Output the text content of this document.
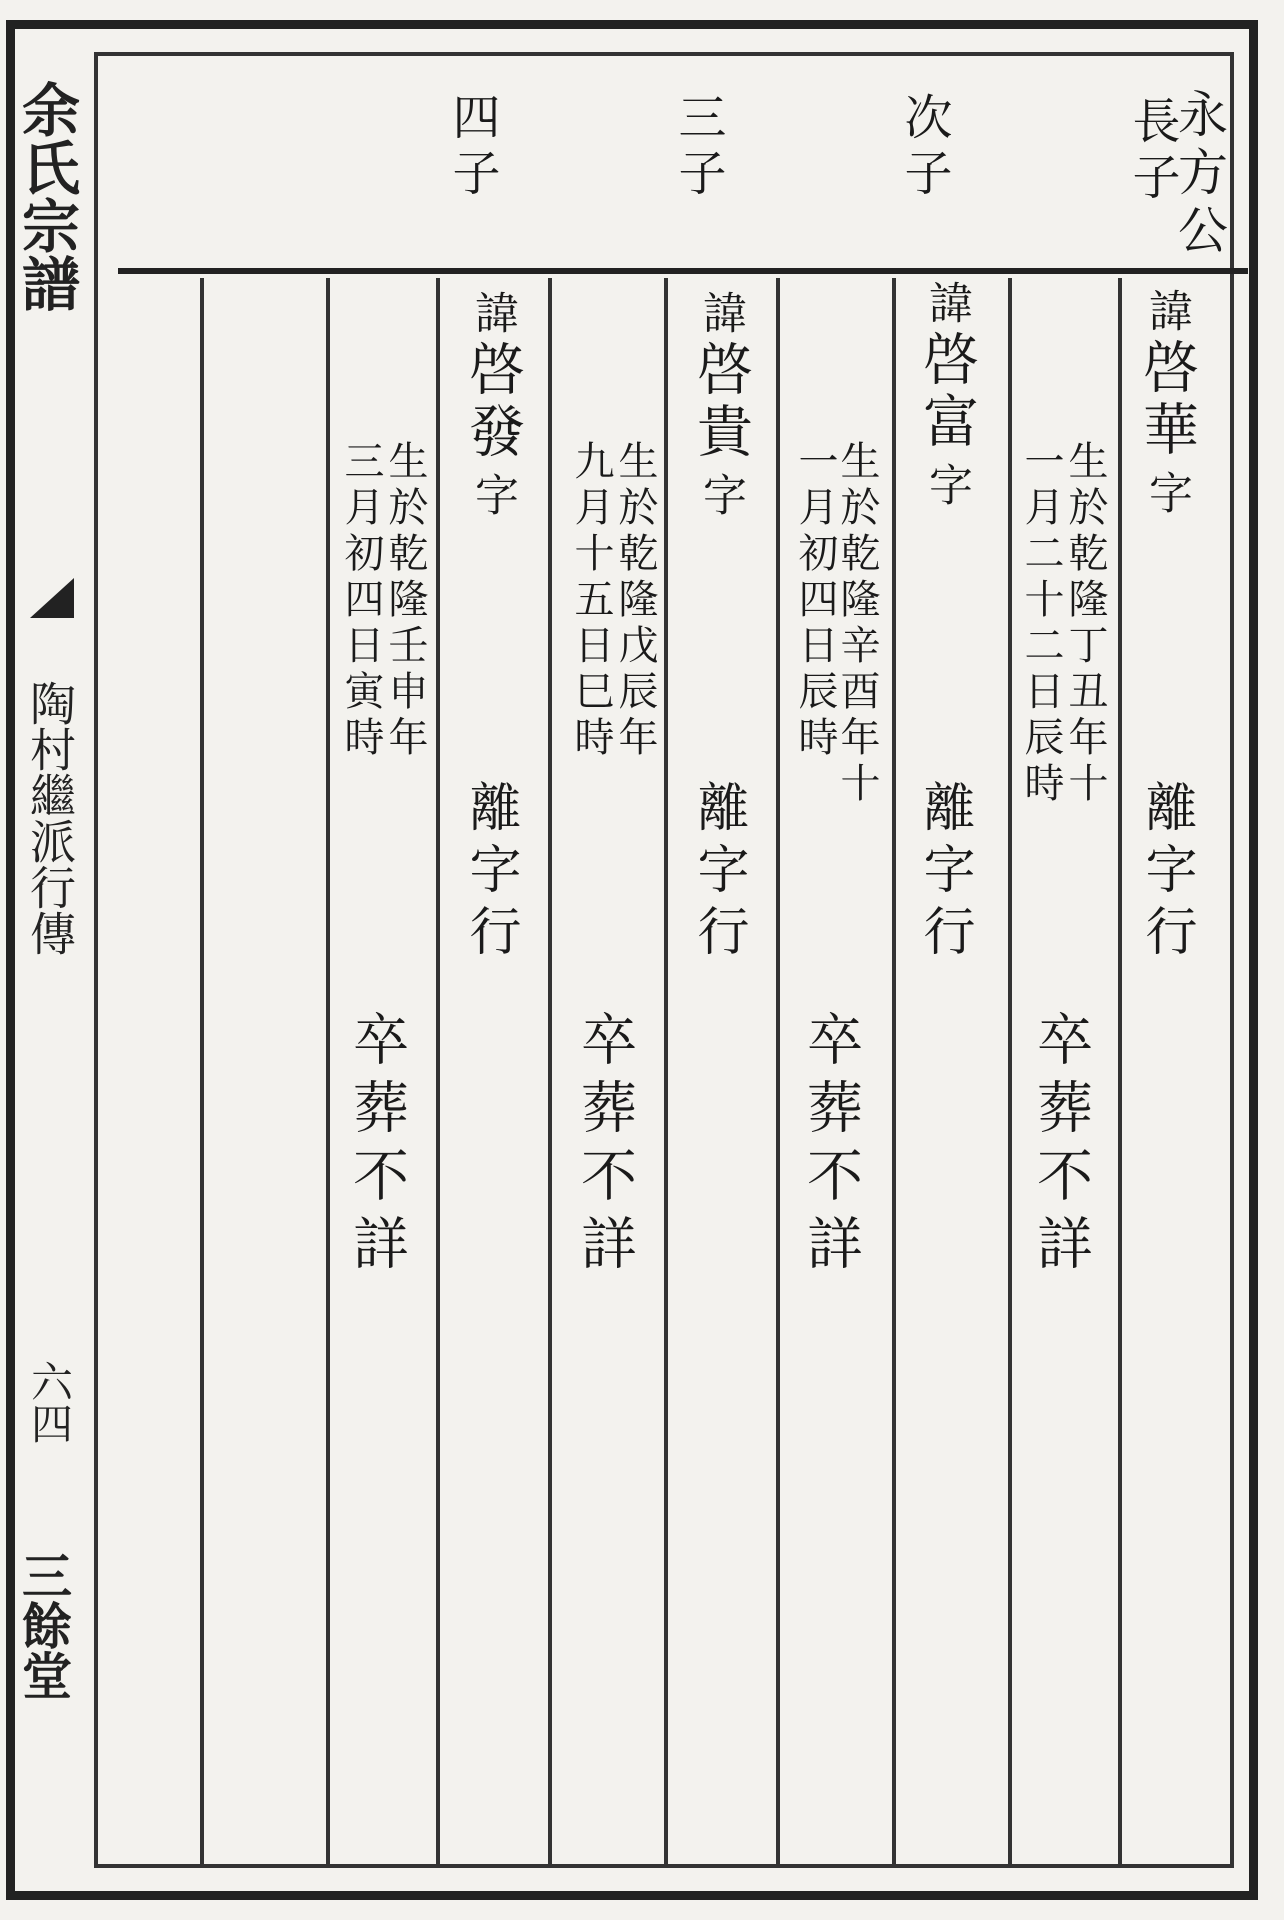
余氏宗譜
陶村繼派行傳
六四
三餘堂
永方公
長子
次子
三子
四子
諱啓華字
離字行
生於乾隆丁丑年十
一月二十二日辰時
卒葬不詳
諱啓富字
離字行
生於乾隆辛酉年十
一月初四日辰時
卒葬不詳
諱啓貴字
離字行
生於乾隆戊辰年
九月十五日巳時
卒葬不詳
諱啓發字
離字行
生於乾隆壬申年
三月初四日寅時
卒葬不詳
